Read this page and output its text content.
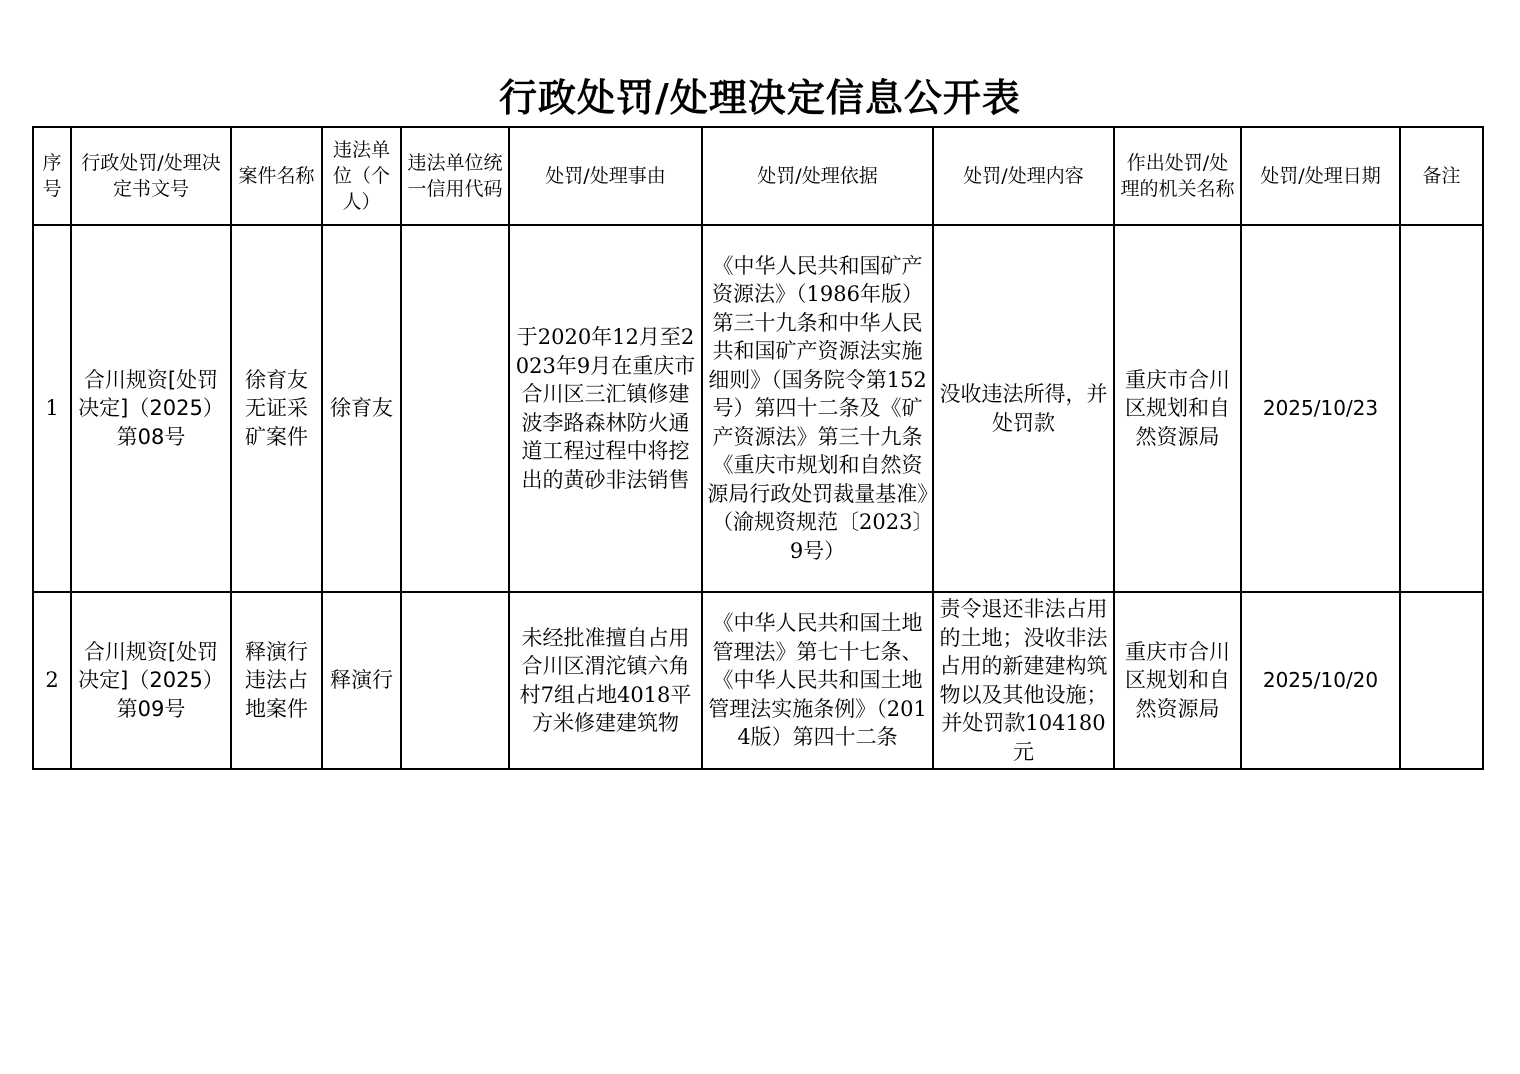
行政处罚/处理决定信息公开表
序号	行政处罚/处理决定书文号	案件名称	违法单位（个人）	违法单位统一信用代码	处罚/处理事由	处罚/处理依据	处罚/处理内容	作出处罚/处理的机关名称	处罚/处理日期	备注
1	合川规资[处罚决定]（2025）第08号	徐育友无证采矿案件	徐育友		于2020年12月至2023年9月在重庆市合川区三汇镇修建波李路森林防火通道工程过程中将挖出的黄砂非法销售	《中华人民共和国矿产资源法》（1986年版）第三十九条和中华人民共和国矿产资源法实施细则》（国务院令第152号）第四十二条及《矿产资源法》第三十九条《重庆市规划和自然资源局行政处罚裁量基准》（渝规资规范〔2023〕9号）	没收违法所得，并处罚款	重庆市合川区规划和自然资源局	2025/10/23	
2	合川规资[处罚决定]（2025）第09号	释演行违法占地案件	释演行		未经批准擅自占用合川区渭沱镇六角村7组占地4018平方米修建建筑物	《中华人民共和国土地管理法》第七十七条、《中华人民共和国土地管理法实施条例》（2014版）第四十二条	责令退还非法占用的土地；没收非法占用的新建建构筑物以及其他设施；并处罚款104180元	重庆市合川区规划和自然资源局	2025/10/20	
